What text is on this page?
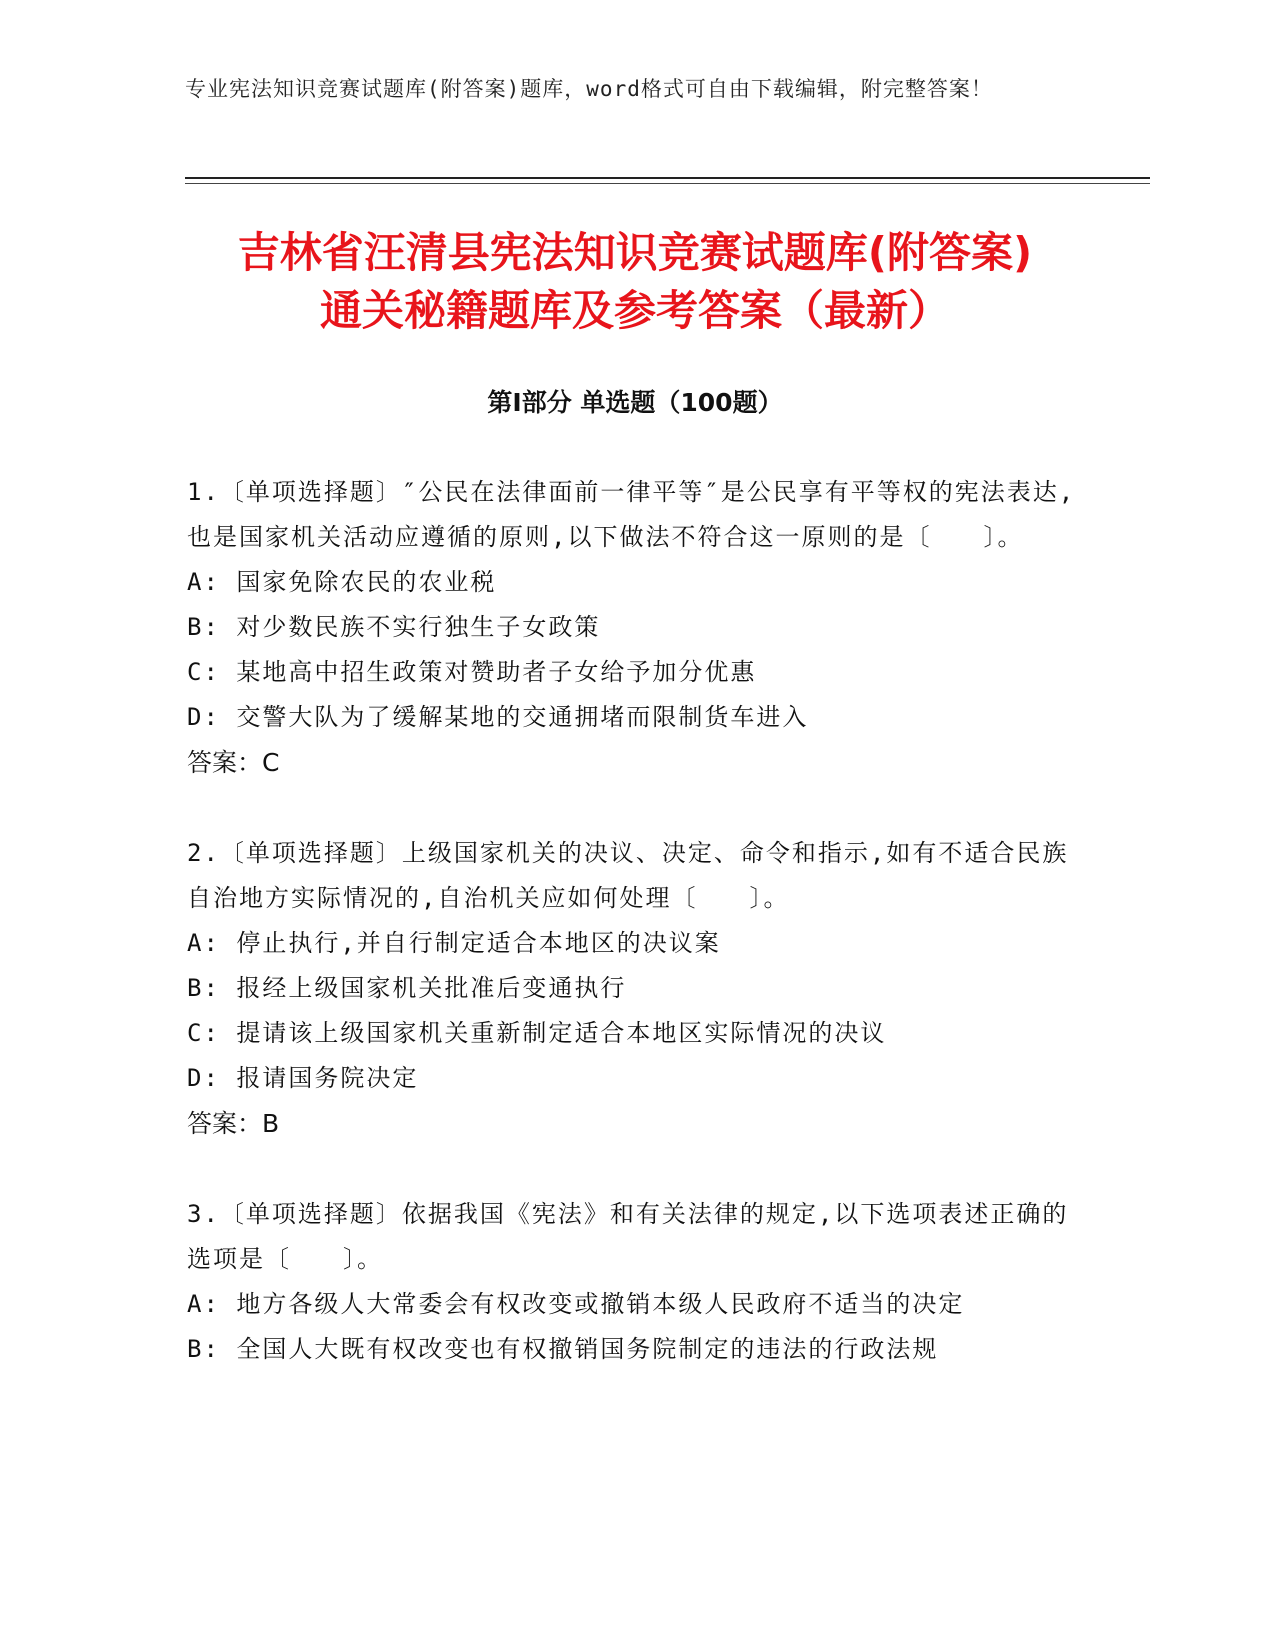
专业宪法知识竞赛试题库(附答案)题库，word格式可自由下载编辑，附完整答案！
吉林省汪清县宪法知识竞赛试题库(附答案)
通关秘籍题库及参考答案（最新）
第Ⅰ部分 单选题（100题）
1.〔单项选择题〕″公民在法律面前一律平等″是公民享有平等权的宪法表达,也是国家机关活动应遵循的原则,以下做法不符合这一原则的是〔　　〕。
A: 国家免除农民的农业税
B: 对少数民族不实行独生子女政策
C: 某地高中招生政策对赞助者子女给予加分优惠
D: 交警大队为了缓解某地的交通拥堵而限制货车进入
答案：C
2.〔单项选择题〕上级国家机关的决议、决定、命令和指示,如有不适合民族自治地方实际情况的,自治机关应如何处理〔　　〕。
A: 停止执行,并自行制定适合本地区的决议案
B: 报经上级国家机关批准后变通执行
C: 提请该上级国家机关重新制定适合本地区实际情况的决议
D: 报请国务院决定
答案：B
3.〔单项选择题〕依据我国《宪法》和有关法律的规定,以下选项表述正确的选项是〔　　〕。
A: 地方各级人大常委会有权改变或撤销本级人民政府不适当的决定
B: 全国人大既有权改变也有权撤销国务院制定的违法的行政法规
